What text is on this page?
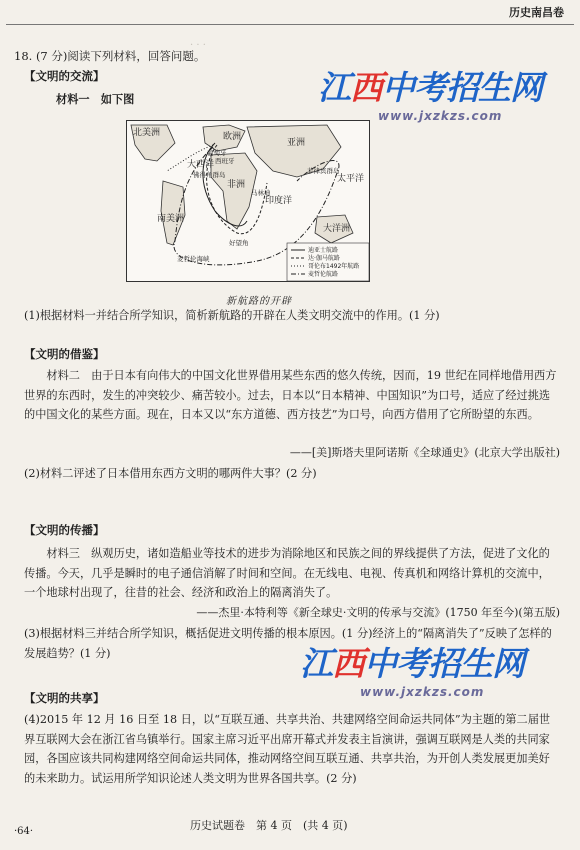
· · ·
历史南昌卷
江西中考招生网
www.jxzkzs.com
18. (7 分)阅读下列材料，回答问题。
【文明的交流】
材料一　如下图
北美洲
南美洲
欧洲
非洲
亚洲
大洋洲
大西洋
太平洋
印度洋
葡萄牙
西班牙
佛得角群岛
马林迪
好望角
麦哲伦海峡
菲律宾群岛
迪亚士航路
达·伽马航路
哥伦布1492年航路
麦哲伦航路
新航路的开辟
(1)根据材料一并结合所学知识，简析新航路的开辟在人类文明交流中的作用。(1 分)
【文明的借鉴】
材料二　由于日本有向伟大的中国文化世界借用某些东西的悠久传统，因而，19 世纪在同样地借用西方世界的东西时，发生的冲突较少、痛苦较小。过去，日本以“日本精神、中国知识”为口号，适应了经过挑选的中国文化的某些方面。现在，日本又以“东方道德、西方技艺”为口号，向西方借用了它所盼望的东西。
——[美]斯塔夫里阿诺斯《全球通史》(北京大学出版社)
(2)材料二评述了日本借用东西方文明的哪两件大事？(2 分)
【文明的传播】
材料三　纵观历史，诸如造船业等技术的进步为消除地区和民族之间的界线提供了方法，促进了文化的传播。今天，几乎是瞬时的电子通信消解了时间和空间。在无线电、电视、传真机和网络计算机的交流中，一个地球村出现了，往昔的社会、经济和政治上的隔离消失了。
——杰里·本特利等《新全球史·文明的传承与交流》(1750 年至今)(第五版)
(3)根据材料三并结合所学知识，概括促进文明传播的根本原因。(1 分)经济上的“隔离消失了”反映了怎样的发展趋势？(1 分)	江西中考招生网
www.jxzkzs.com
【文明的共享】
(4)2015 年 12 月 16 日至 18 日，以“互联互通、共享共治、共建网络空间命运共同体”为主题的第二届世界互联网大会在浙江省乌镇举行。国家主席习近平出席开幕式并发表主旨演讲，强调互联网是人类的共同家园，各国应该共同构建网络空间命运共同体，推动网络空间互联互通、共享共治，为开创人类发展更加美好的未来助力。试运用所学知识论述人类文明为世界各国共享。(2 分)
·64·	历史试题卷　第 4 页　(共 4 页)
